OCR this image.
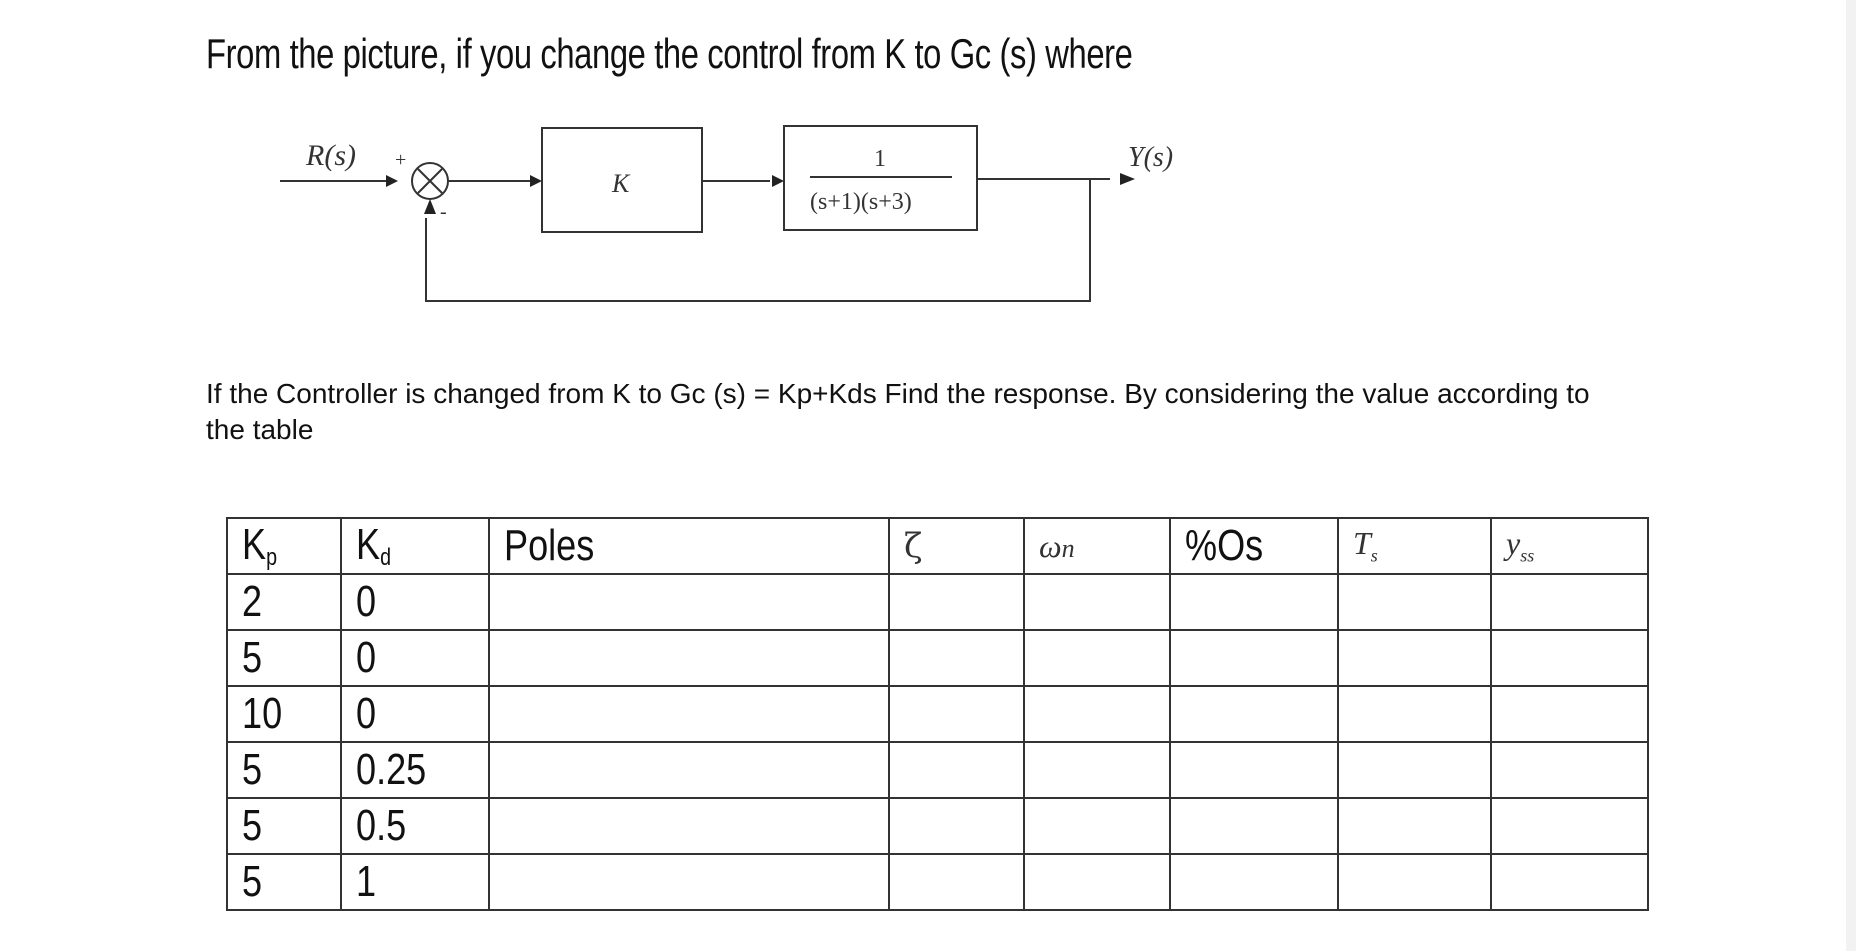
From the picture, if you change the control from K to Gc (s) where
R(s) +
-
K
1
(s+1)(s+3)
Y(s)
If the Controller is changed from K to Gc (s) = Kp+Kds Find the response. By considering the value according to the table
$K_p$	$K_d$	Poles	ζ	ωn	%Os	$T_s$	$y_{ss}$
2	0						
5	0						
10	0						
5	0.25						
5	0.5						
5	1						
